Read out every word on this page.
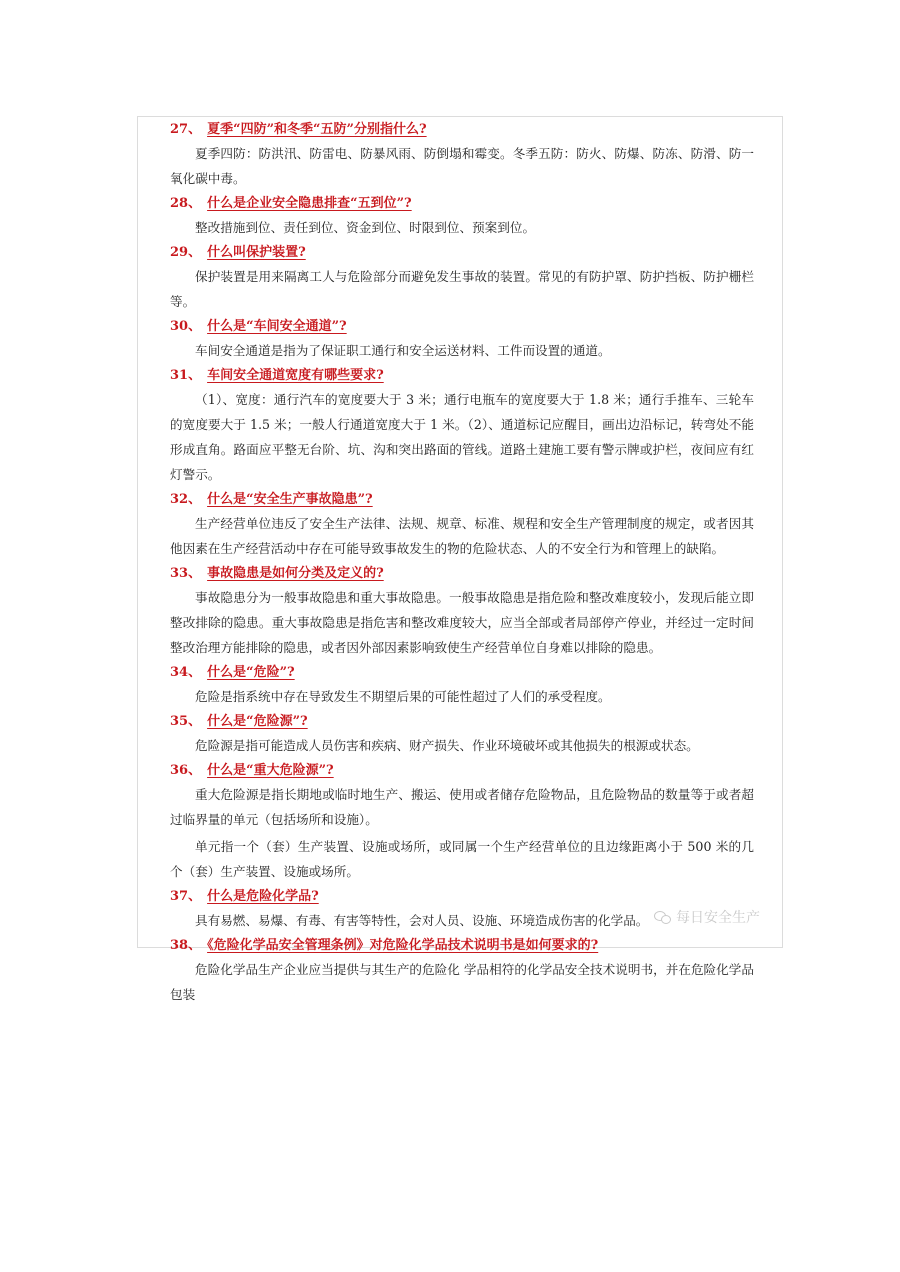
27、 夏季“四防”和冬季“五防”分别指什么?

夏季四防：防洪汛、防雷电、防暴风雨、防倒塌和霉变。冬季五防：防火、防爆、防冻、防滑、防一氧化碳中毒。

28、 什么是企业安全隐患排查“五到位”?

整改措施到位、责任到位、资金到位、时限到位、预案到位。

29、 什么叫保护装置?

保护装置是用来隔离工人与危险部分而避免发生事故的装置。常见的有防护罩、防护挡板、防护栅栏等。

30、 什么是“车间安全通道”?

车间安全通道是指为了保证职工通行和安全运送材料、工件而设置的通道。

31、 车间安全通道宽度有哪些要求?

（1）、宽度：通行汽车的宽度要大于 3 米；通行电瓶车的宽度要大于 1.8 米；通行手推车、三轮车的宽度要大于 1.5 米；一般人行通道宽度大于 1 米。（2）、通道标记应醒目，画出边沿标记，转弯处不能形成直角。路面应平整无台阶、坑、沟和突出路面的管线。道路土建施工要有警示牌或护栏，夜间应有红灯警示。

32、 什么是“安全生产事故隐患”?

生产经营单位违反了安全生产法律、法规、规章、标准、规程和安全生产管理制度的规定，或者因其他因素在生产经营活动中存在可能导致事故发生的物的危险状态、人的不安全行为和管理上的缺陷。

33、 事故隐患是如何分类及定义的?

事故隐患分为一般事故隐患和重大事故隐患。一般事故隐患是指危险和整改难度较小，发现后能立即整改排除的隐患。重大事故隐患是指危害和整改难度较大，应当全部或者局部停产停业，并经过一定时间整改治理方能排除的隐患，或者因外部因素影响致使生产经营单位自身难以排除的隐患。

34、 什么是“危险”?

危险是指系统中存在导致发生不期望后果的可能性超过了人们的承受程度。

35、 什么是“危险源”?

危险源是指可能造成人员伤害和疾病、财产损失、作业环境破坏或其他损失的根源或状态。

36、 什么是“重大危险源”?

重大危险源是指长期地或临时地生产、搬运、使用或者储存危险物品，且危险物品的数量等于或者超过临界量的单元（包括场所和设施）。

单元指一个（套）生产装置、设施或场所，或同属一个生产经营单位的且边缘距离小于 500 米的几个（套）生产装置、设施或场所。

37、 什么是危险化学品?

具有易燃、易爆、有毒、有害等特性，会对人员、设施、环境造成伤害的化学品。

38、 《危险化学品安全管理条例》对危险化学品技术说明书是如何要求的?

危险化学品生产企业应当提供与其生产的危险化 学品相符的化学品安全技术说明书，并在危险化学品包装

每日安全生产
